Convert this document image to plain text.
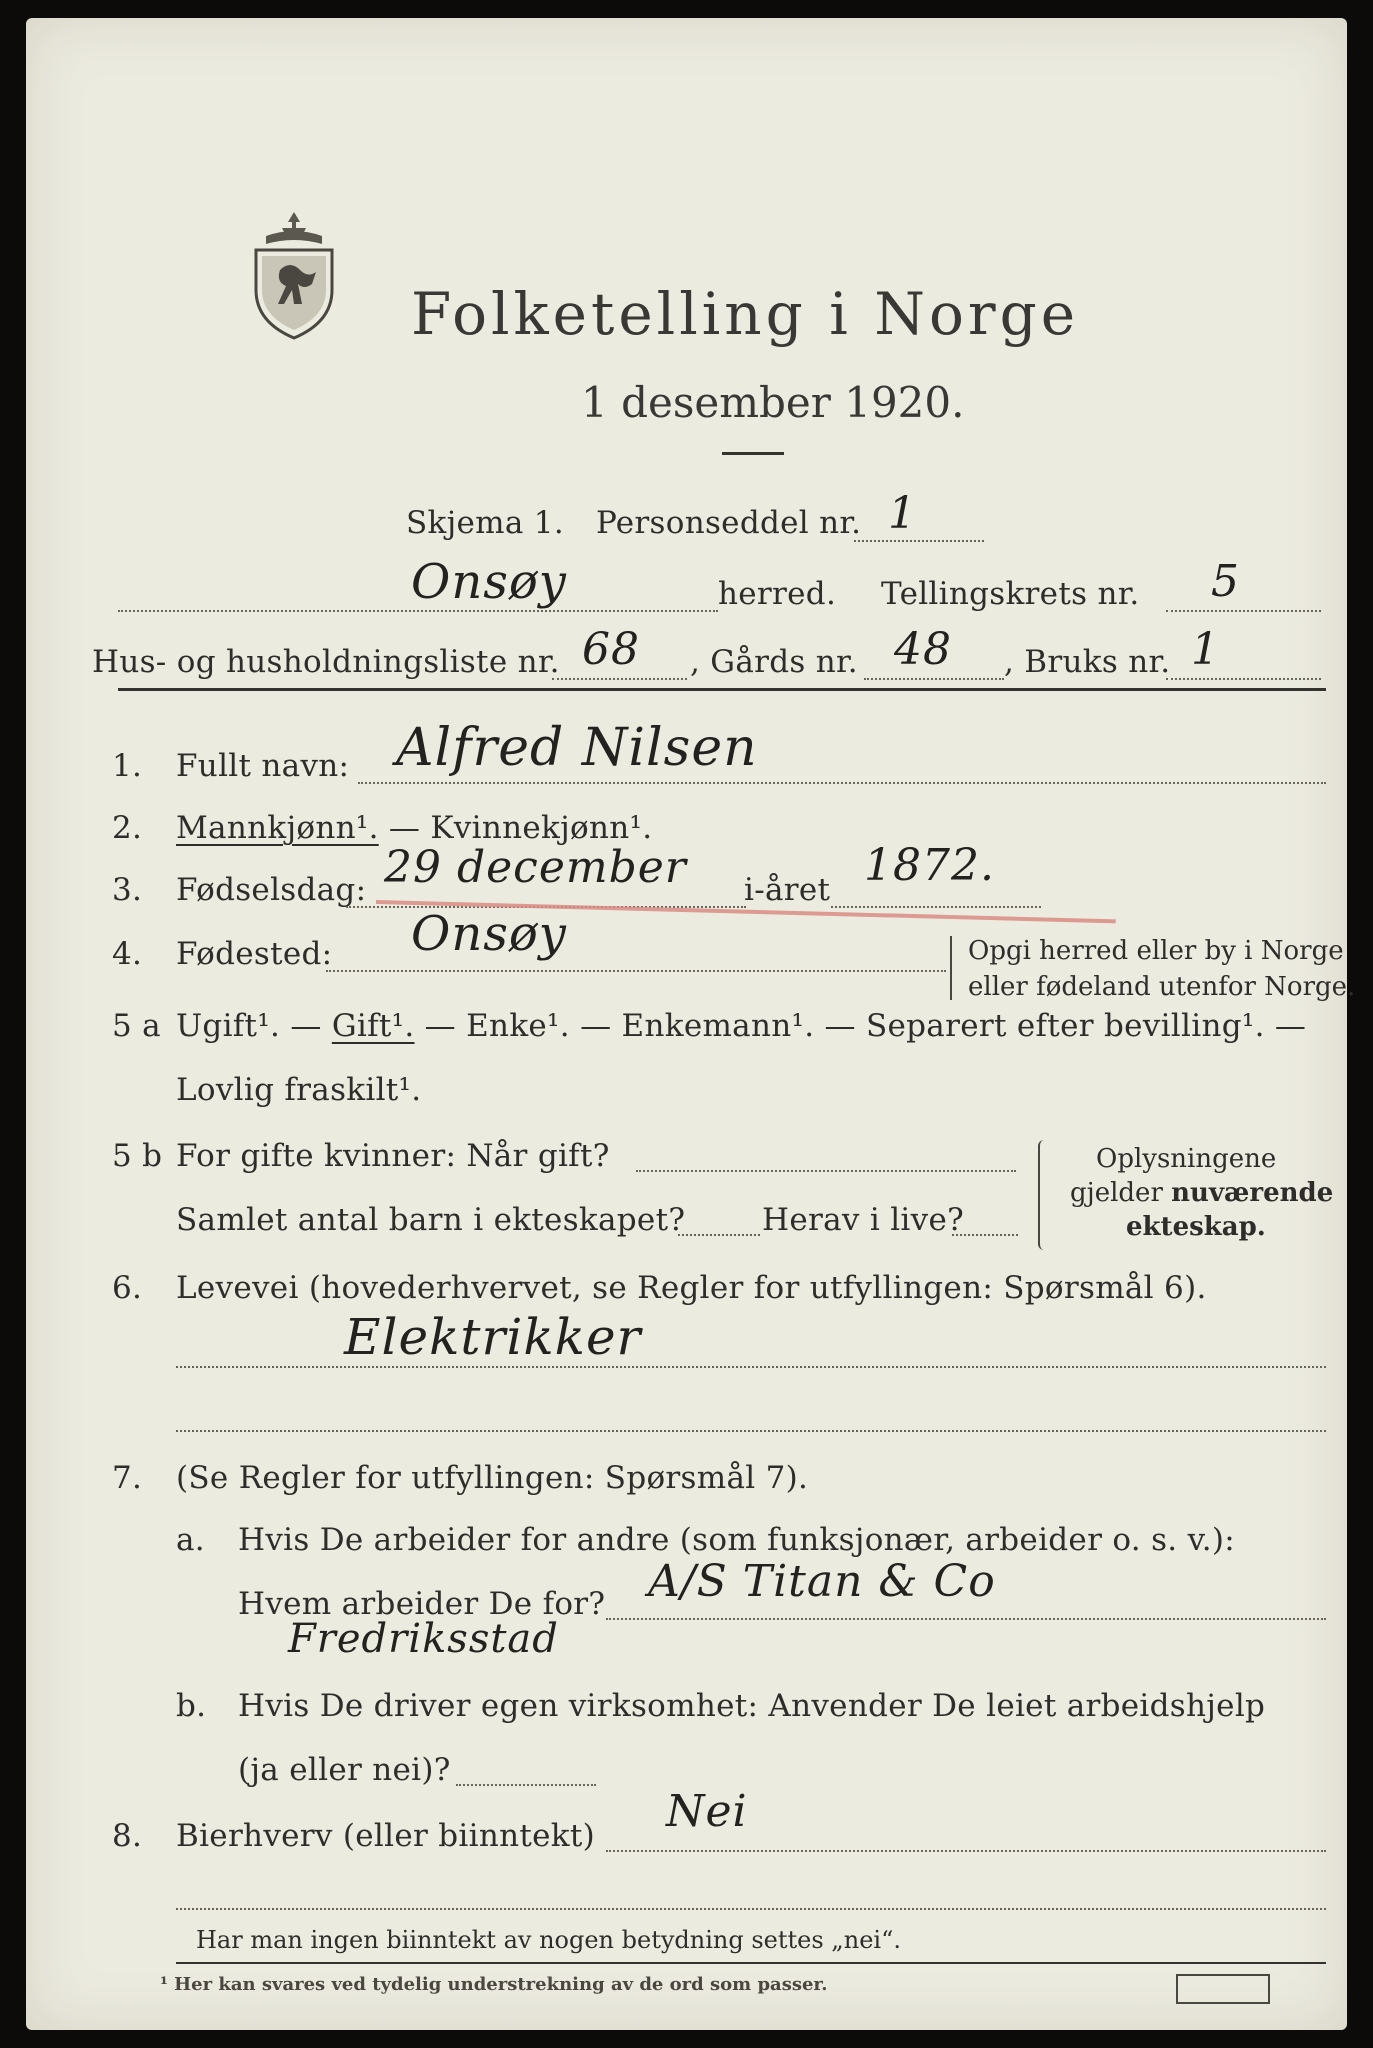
Folketelling i Norge
1 desember 1920.
Skjema 1. Personseddel nr. 1
Onsøy	herred. Tellingskrets nr. 5
Hus- og husholdningsliste nr. 68 , Gårds nr. 48 , Bruks nr. 1
1. Fullt navn: Alfred Nilsen
2. Mannkjønn¹. — Kvinnekjønn¹.
3. Fødselsdag: 29 december i-året 1872.
4. Fødested: Onsøy	Opgi herred eller by i Norge
eller fødeland utenfor Norge.
5 a Ugift¹. — Gift¹. — Enke¹. — Enkemann¹. — Separert efter bevilling¹. —
Lovlig fraskilt¹.
5 b For gifte kvinner: Når gift?
Samlet antal barn i ekteskapet? Herav i live?
Oplysningene
gjelder nuværende
ekteskap.
6. Levevei (hovederhvervet, se Regler for utfyllingen: Spørsmål 6).
Elektrikker
7. (Se Regler for utfyllingen: Spørsmål 7).
a. Hvis De arbeider for andre (som funksjonær, arbeider o. s. v.):
Hvem arbeider De for? A/S Titan & Co
Fredriksstad
b. Hvis De driver egen virksomhet: Anvender De leiet arbeidshjelp
(ja eller nei)?
8. Bierhverv (eller biinntekt) Nei
Har man ingen biinntekt av nogen betydning settes „nei“.
¹ Her kan svares ved tydelig understrekning av de ord som passer.
